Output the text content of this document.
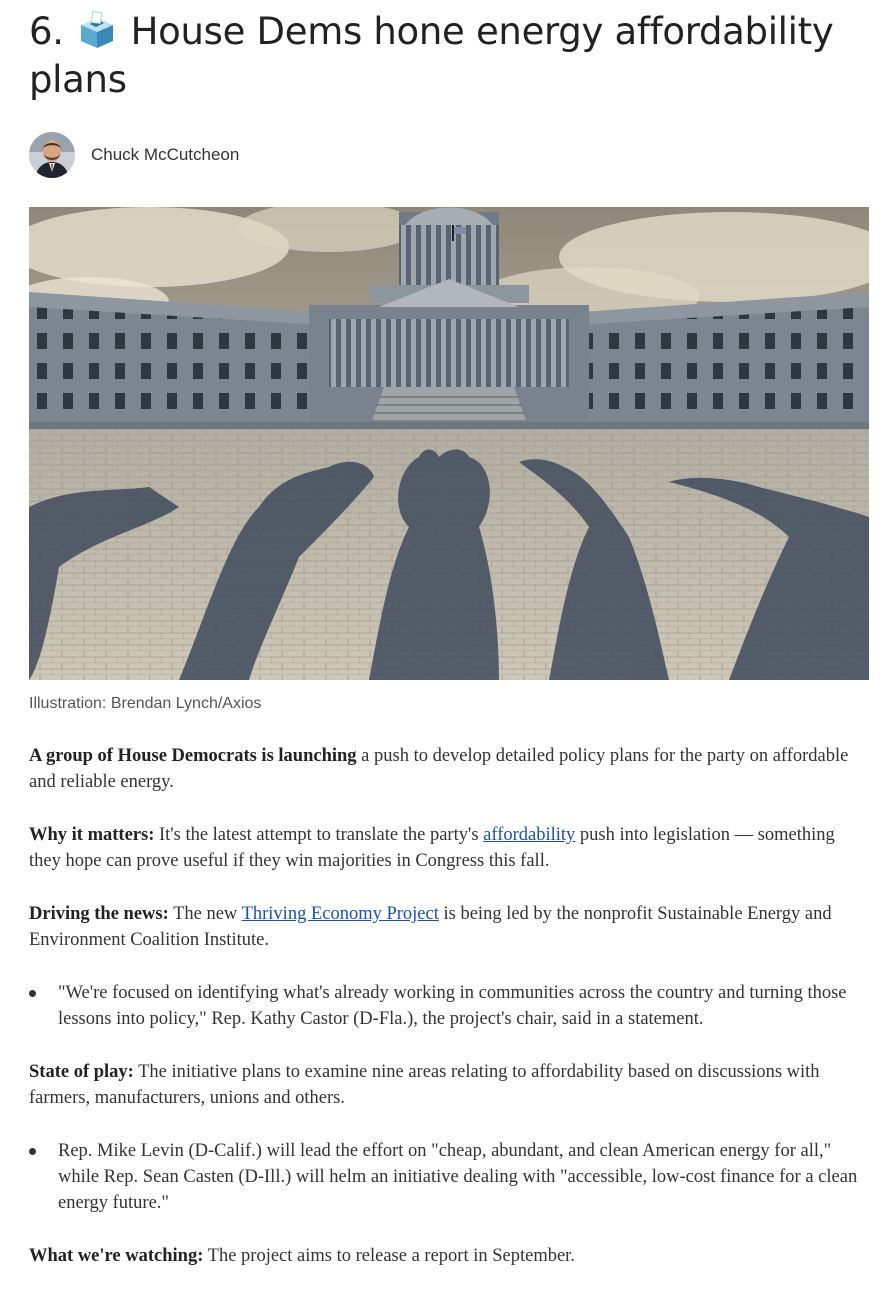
6. House Dems hone energy affordability plans
Chuck McCutcheon
Illustration: Brendan Lynch/Axios

A group of House Democrats is launching a push to develop detailed policy plans for the party on affordable and reliable energy.

Why it matters: It's the latest attempt to translate the party's affordability push into legislation — something they hope can prove useful if they win majorities in Congress this fall.

Driving the news: The new Thriving Economy Project is being led by the nonprofit Sustainable Energy and Environment Coalition Institute.

"We're focused on identifying what's already working in communities across the country and turning those lessons into policy," Rep. Kathy Castor (D-Fla.), the project's chair, said in a statement.

State of play: The initiative plans to examine nine areas relating to affordability based on discussions with farmers, manufacturers, unions and others.

Rep. Mike Levin (D-Calif.) will lead the effort on "cheap, abundant, and clean American energy for all," while Rep. Sean Casten (D-Ill.) will helm an initiative dealing with "accessible, low-cost finance for a clean energy future."

What we're watching: The project aims to release a report in September.
